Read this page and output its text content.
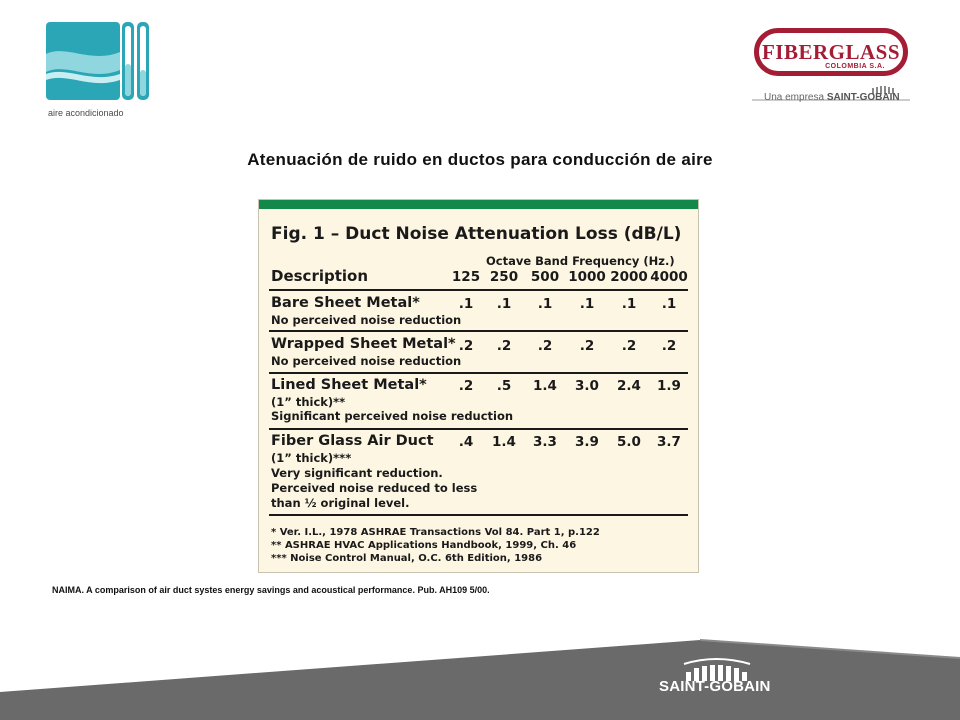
aire acondicionado
FIBERGLASS
COLOMBIA S.A.
Una empresa SAINT-GOBAIN
Atenuación de ruido en ductos para conducción de aire
Fig. 1 – Duct Noise Attenuation Loss (dB/L)
Octave Band Frequency (Hz.)
Description	125 250 500 1000 2000 4000
Bare Sheet Metal*
No perceived noise reduction
.1	.1	.1	.1	.1	.1
Wrapped Sheet Metal*
No perceived noise reduction
.2	.2	.2	.2	.2	.2
Lined Sheet Metal*
(1” thick)**
Significant perceived noise reduction
.2	.5	1.4	3.0	2.4	1.9
Fiber Glass Air Duct
(1” thick)***
Very significant reduction.
Perceived noise reduced to less
than ½ original level.
.4	1.4	3.3	3.9	5.0	3.7
* Ver. I.L., 1978 ASHRAE Transactions Vol 84. Part 1, p.122
** ASHRAE HVAC Applications Handbook, 1999, Ch. 46
*** Noise Control Manual, O.C. 6th Edition, 1986
NAIMA. A comparison of air duct systes energy savings and acoustical performance. Pub. AH109 5/00.
SAINT-GOBAIN
